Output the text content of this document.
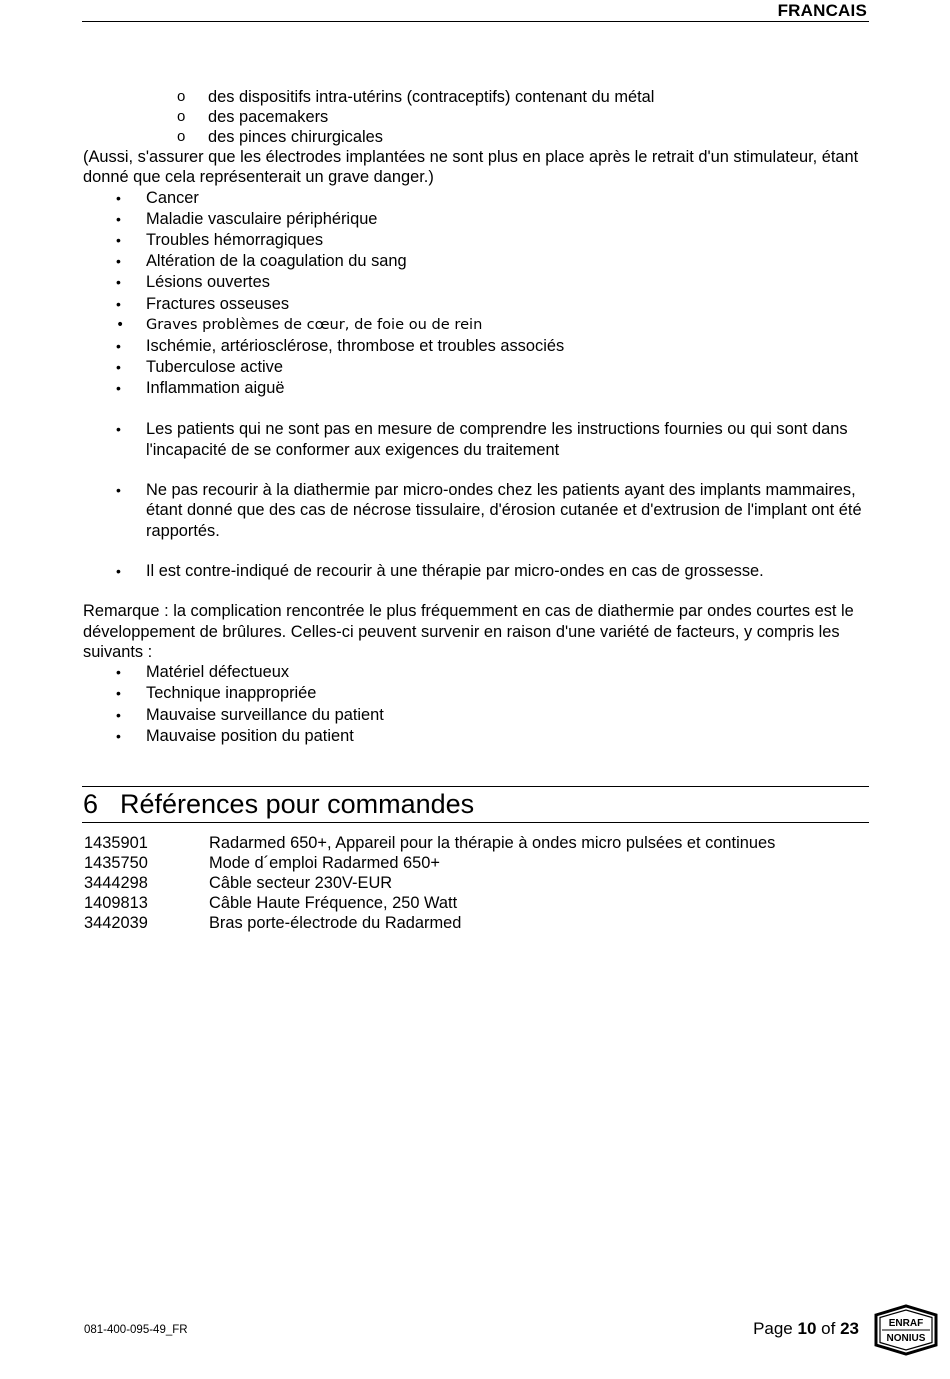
FRANCAIS
o des dispositifs intra-utérins (contraceptifs) contenant du métal
o des pacemakers
o des pinces chirurgicales

(Aussi, s'assurer que les électrodes implantées ne sont plus en place après le retrait d'un stimulateur, étant donné que cela représenterait un grave danger.)

• Cancer
• Maladie vasculaire périphérique
• Troubles hémorragiques
• Altération de la coagulation du sang
• Lésions ouvertes
• Fractures osseuses
• Graves problèmes de cœur, de foie ou de rein
• Ischémie, artériosclérose, thrombose et troubles associés
• Tuberculose active
• Inflammation aiguë
• Les patients qui ne sont pas en mesure de comprendre les instructions fournies ou qui sont dans l'incapacité de se conformer aux exigences du traitement
• Ne pas recourir à la diathermie par micro-ondes chez les patients ayant des implants mammaires, étant donné que des cas de nécrose tissulaire, d'érosion cutanée et d'extrusion de l'implant ont été rapportés.
• Il est contre-indiqué de recourir à une thérapie par micro-ondes en cas de grossesse.

Remarque : la complication rencontrée le plus fréquemment en cas de diathermie par ondes courtes est le développement de brûlures. Celles-ci peuvent survenir en raison d'une variété de facteurs, y compris les suivants :

• Matériel défectueux
• Technique inappropriée
• Mauvaise surveillance du patient
• Mauvaise position du patient
6 Références pour commandes
1435901	Radarmed 650+, Appareil pour la thérapie à ondes micro pulsées et continues
1435750	Mode d´emploi Radarmed 650+
3444298	Câble secteur 230V-EUR
1409813	Câble Haute Fréquence, 250 Watt
3442039	Bras porte-électrode du Radarmed
081-400-095-49_FR	Page 10 of 23	ENRAF
NONIUS
